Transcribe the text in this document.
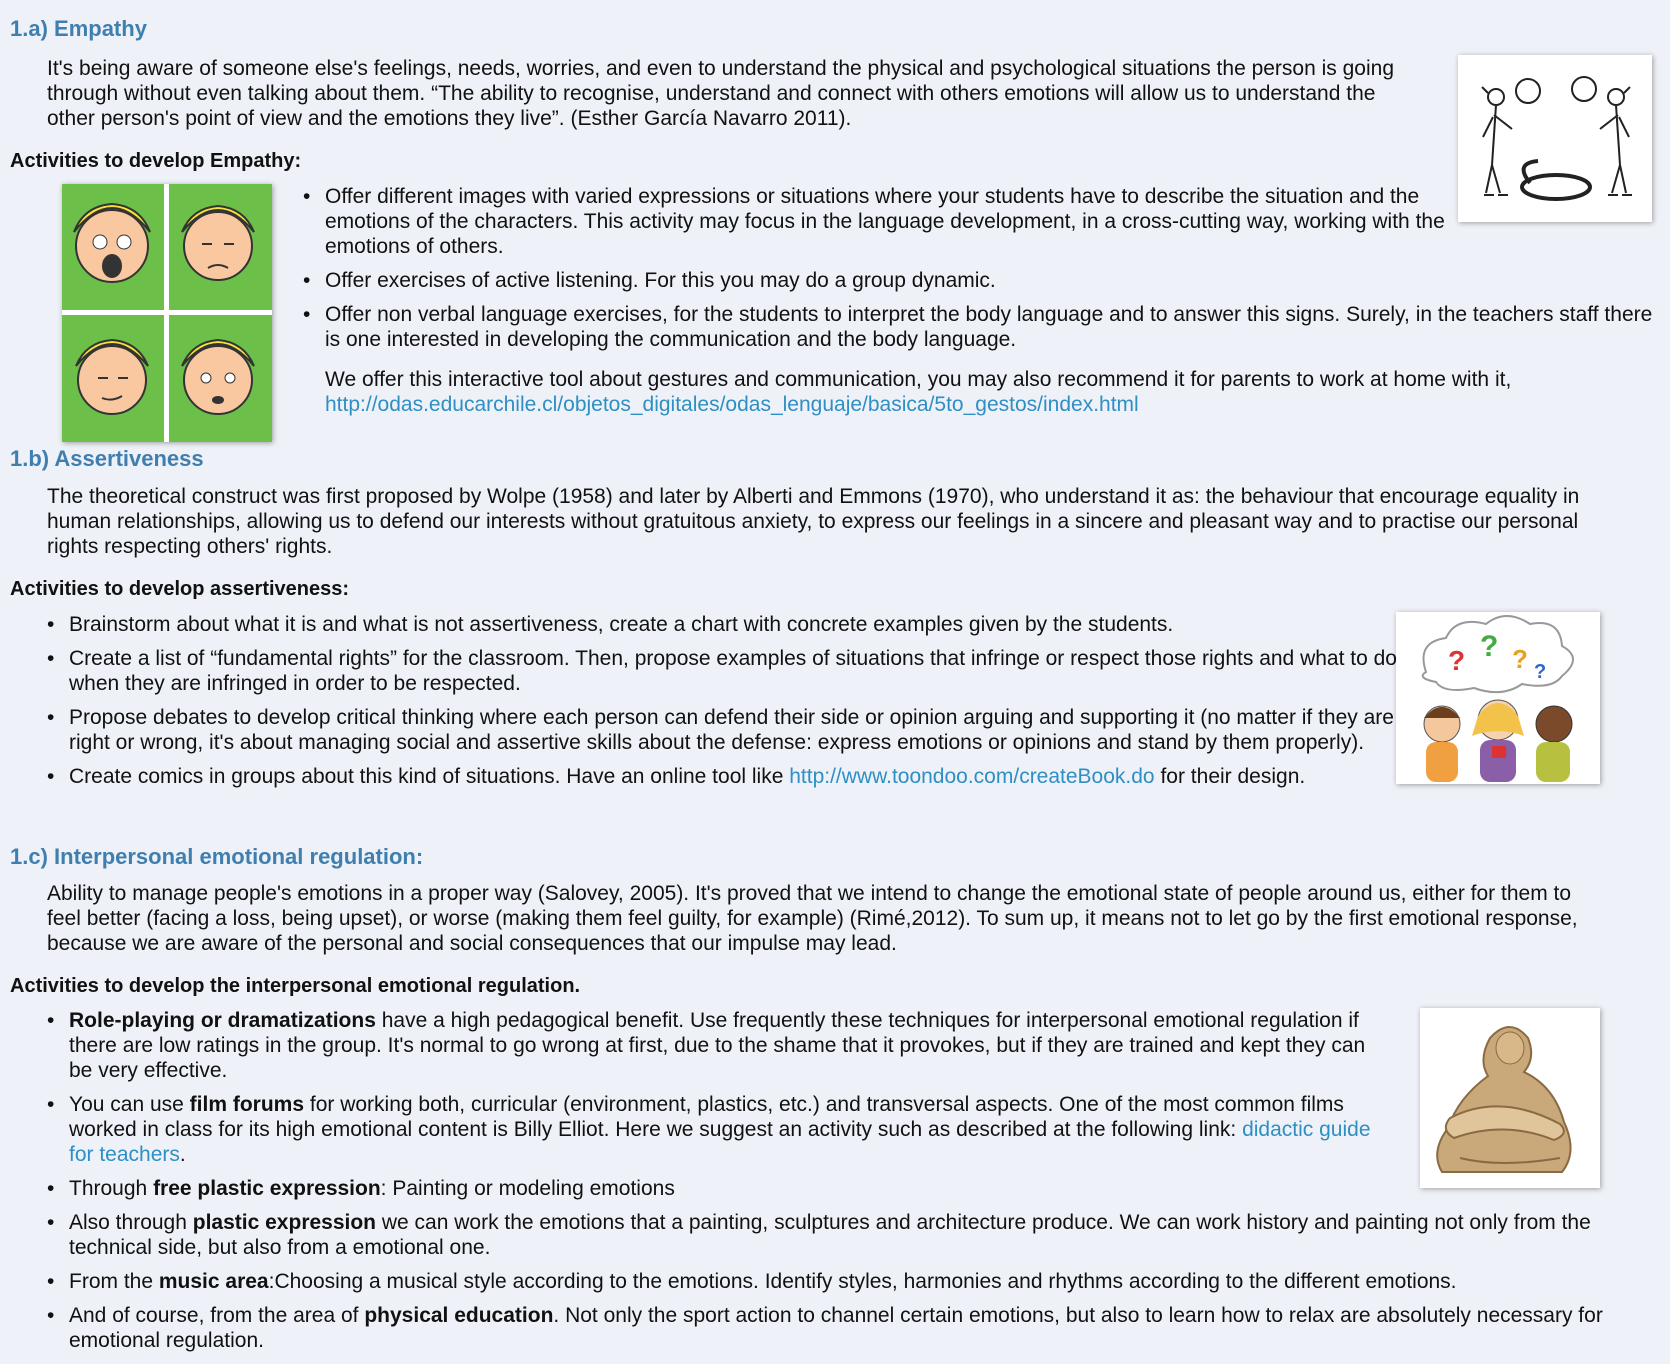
1.a) Empathy

It's being aware of someone else's feelings, needs, worries, and even to understand the physical and psychological situations the person is going through without even talking about them. “The ability to recognise, understand and connect with others emotions will allow us to understand the other person's point of view and the emotions they live”. (Esther García Navarro 2011).

Activities to develop Empathy:
• Offer different images with varied expressions or situations where your students have to describe the situation and the emotions of the characters. This activity may focus in the language development, in a cross-cutting way, working with the emotions of others.
• Offer exercises of active listening. For this you may do a group dynamic.
• Offer non verbal language exercises, for the students to interpret the body language and to answer this signs. Surely, in the teachers staff there is one interested in developing the communication and the body language.

We offer this interactive tool about gestures and communication, you may also recommend it for parents to work at home with it,
http://odas.educarchile.cl/objetos_digitales/odas_lenguaje/basica/5to_gestos/index.html

1.b) Assertiveness

The theoretical construct was first proposed by Wolpe (1958) and later by Alberti and Emmons (1970), who understand it as: the behaviour that encourage equality in human relationships, allowing us to defend our interests without gratuitous anxiety, to express our feelings in a sincere and pleasant way and to practise our personal rights respecting others' rights.

Activities to develop assertiveness:
? ? ? ?
• Brainstorm about what it is and what is not assertiveness, create a chart with concrete examples given by the students.
• Create a list of “fundamental rights” for the classroom. Then, propose examples of situations that infringe or respect those rights and what to do when they are infringed in order to be respected.
• Propose debates to develop critical thinking where each person can defend their side or opinion arguing and supporting it (no matter if they are right or wrong, it's about managing social and assertive skills about the defense: express emotions or opinions and stand by them properly).
• Create comics in groups about this kind of situations. Have an online tool like http://www.toondoo.com/createBook.do for their design.
1.c) Interpersonal emotional regulation:

Ability to manage people's emotions in a proper way (Salovey, 2005). It's proved that we intend to change the emotional state of people around us, either for them to feel better (facing a loss, being upset), or worse (making them feel guilty, for example) (Rimé,2012). To sum up, it means not to let go by the first emotional response, because we are aware of the personal and social consequences that our impulse may lead.

Activities to develop the interpersonal emotional regulation.
• Role-playing or dramatizations have a high pedagogical benefit. Use frequently these techniques for interpersonal emotional regulation if there are low ratings in the group. It's normal to go wrong at first, due to the shame that it provokes, but if they are trained and kept they can be very effective.
• You can use film forums for working both, curricular (environment, plastics, etc.) and transversal aspects. One of the most common films worked in class for its high emotional content is Billy Elliot. Here we suggest an activity such as described at the following link: didactic guide for teachers.
• Through free plastic expression: Painting or modeling emotions
• Also through plastic expression we can work the emotions that a painting, sculptures and architecture produce. We can work history and painting not only from the technical side, but also from a emotional one.
• From the music area:Choosing a musical style according to the emotions. Identify styles, harmonies and rhythms according to the different emotions.
• And of course, from the area of physical education. Not only the sport action to channel certain emotions, but also to learn how to relax are absolutely necessary for emotional regulation.
